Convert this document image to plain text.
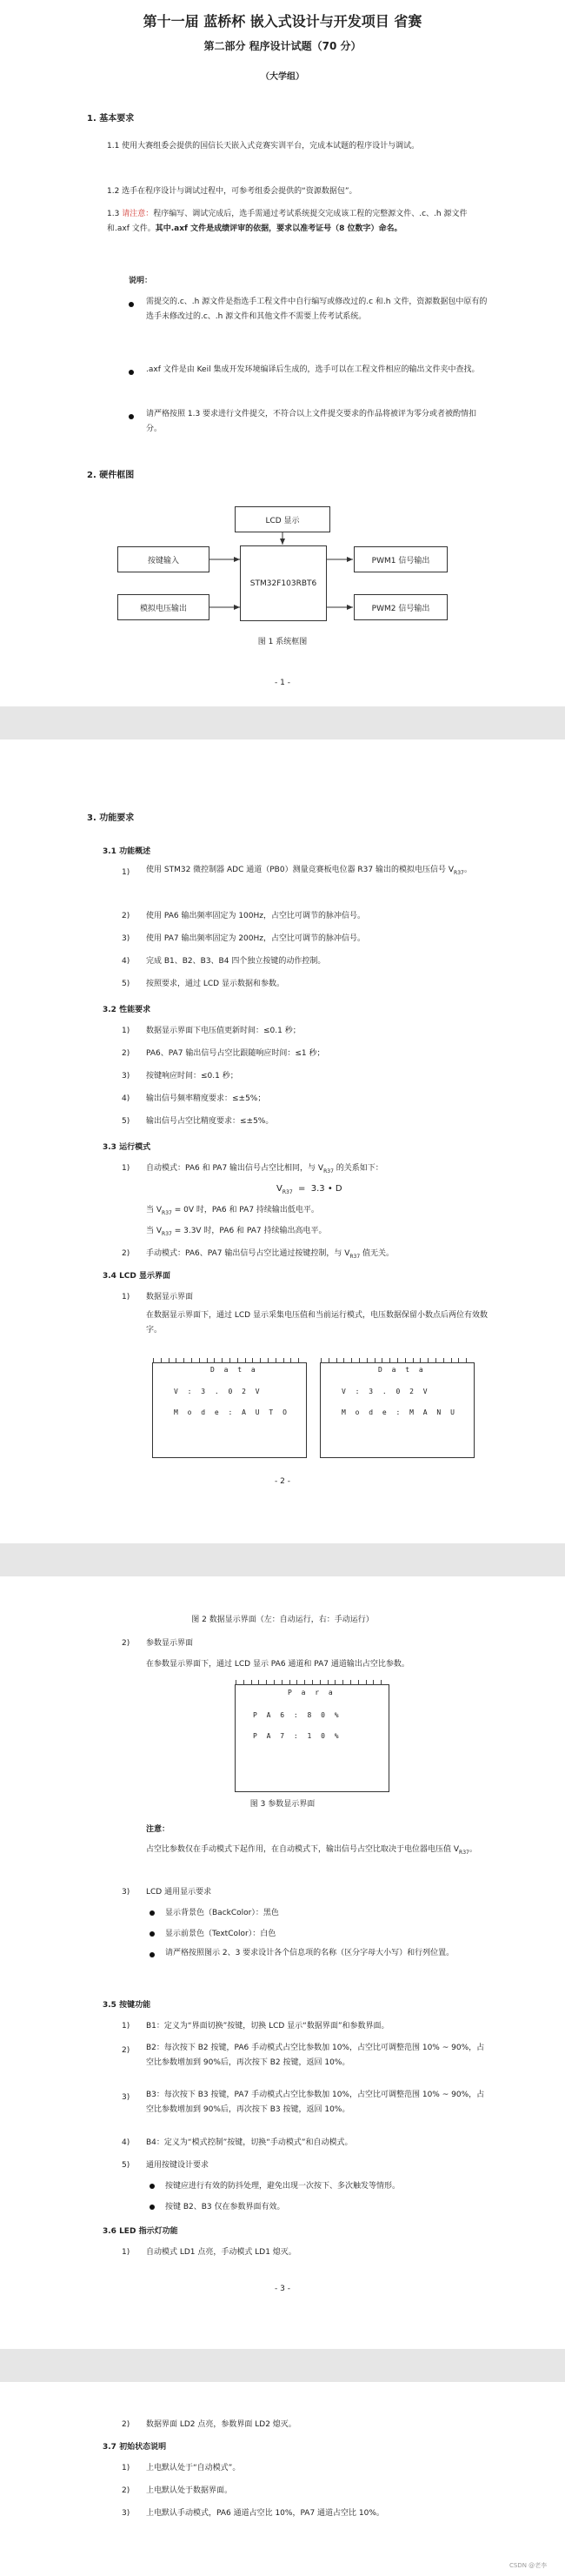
第十一届 蓝桥杯 嵌入式设计与开发项目 省赛
第二部分 程序设计试题（70 分）
（大学组）
1. 基本要求
1.1 使用大赛组委会提供的国信长天嵌入式竞赛实训平台，完成本试题的程序设计与调试。
1.2 选手在程序设计与调试过程中，可参考组委会提供的“资源数据包”。
1.3 请注意：程序编写、调试完成后，选手需通过考试系统提交完成该工程的完整源文件、.c、.h 源文件和.axf 文件。其中.axf 文件是成绩评审的依据，要求以准考证号（8 位数字）命名。
说明：
需提交的.c、.h 源文件是指选手工程文件中自行编写或修改过的.c 和.h 文件，资源数据包中原有的选手未修改过的.c、.h 源文件和其他文件不需要上传考试系统。
.axf 文件是由 Keil 集成开发环境编译后生成的，选手可以在工程文件相应的输出文件夹中查找。
请严格按照 1.3 要求进行文件提交，不符合以上文件提交要求的作品将被评为零分或者被酌情扣分。
2. 硬件框图
LCD 显示
STM32F103RBT6
按键输入
模拟电压输出
PWM1 信号输出
PWM2 信号输出
图 1 系统框图
- 1 -
3. 功能要求
3.1 功能概述
1) 使用 STM32 微控制器 ADC 通道（PB0）测量竞赛板电位器 R37 输出的模拟电压信号 $V_{R37}$。
2) 使用 PA6 输出频率固定为 100Hz，占空比可调节的脉冲信号。
3) 使用 PA7 输出频率固定为 200Hz，占空比可调节的脉冲信号。
4) 完成 B1、B2、B3、B4 四个独立按键的动作控制。
5) 按照要求，通过 LCD 显示数据和参数。
3.2 性能要求
1) 数据显示界面下电压值更新时间：≤0.1 秒；
2) PA6、PA7 输出信号占空比跟随响应时间：≤1 秒；
3) 按键响应时间：≤0.1 秒；
4) 输出信号频率精度要求：≤±5%；
5) 输出信号占空比精度要求：≤±5%。
3.3 运行模式
1) 自动模式：PA6 和 PA7 输出信号占空比相同，与 $V_{R37}$ 的关系如下：
$V_{R37} = 3.3$ • D
当 $V_{R37} = 0V$ 时，PA6 和 PA7 持续输出低电平。
当 $V_{R37} = 3.3V$ 时，PA6 和 PA7 持续输出高电平。
2) 手动模式：PA6、PA7 输出信号占空比通过按键控制，与 $V_{R37}$ 值无关。
3.4 LCD 显示界面
1) 数据显示界面
在数据显示界面下，通过 LCD 显示采集电压值和当前运行模式，电压数据保留小数点后两位有效数字。
D a t a
V : 3 . 0 2 V
M o d e : A U T O
D a t a
V : 3 . 0 2 V
M o d e : M A N U
- 2 -
图 2 数据显示界面（左：自动运行，右：手动运行）
2) 参数显示界面
在参数显示界面下，通过 LCD 显示 PA6 通道和 PA7 通道输出占空比参数。
P a r a
P A 6 : 8 0 %
P A 7 : 1 0 %
图 3 参数显示界面
注意：
占空比参数仅在手动模式下起作用，在自动模式下，输出信号占空比取决于电位器电压值 $V_{R37}$。
3) LCD 通用显示要求
显示背景色（BackColor）：黑色
显示前景色（TextColor）：白色
请严格按照图示 2、3 要求设计各个信息项的名称（区分字母大小写）和行列位置。
3.5 按键功能
1) B1：定义为“界面切换”按键，切换 LCD 显示“数据界面”和参数界面。
2) B2：每次按下 B2 按键，PA6 手动模式占空比参数加 10%，占空比可调整范围 10% ~ 90%，占空比参数增加到 90%后，再次按下 B2 按键，返回 10%。
3) B3：每次按下 B3 按键，PA7 手动模式占空比参数加 10%，占空比可调整范围 10% ~ 90%，占空比参数增加到 90%后，再次按下 B3 按键，返回 10%。
4) B4：定义为“模式控制”按键，切换“手动模式”和自动模式。
5) 通用按键设计要求
按键应进行有效的防抖处理，避免出现一次按下、多次触发等情形。
按键 B2、B3 仅在参数界面有效。
3.6 LED 指示灯功能
1) 自动模式 LD1 点亮，手动模式 LD1 熄灭。
- 3 -
2) 数据界面 LD2 点亮，参数界面 LD2 熄灭。
3.7 初始状态说明
1) 上电默认处于“自动模式”。
2) 上电默认处于数据界面。
3) 上电默认手动模式，PA6 通道占空比 10%，PA7 通道占空比 10%。
CSDN @老李
